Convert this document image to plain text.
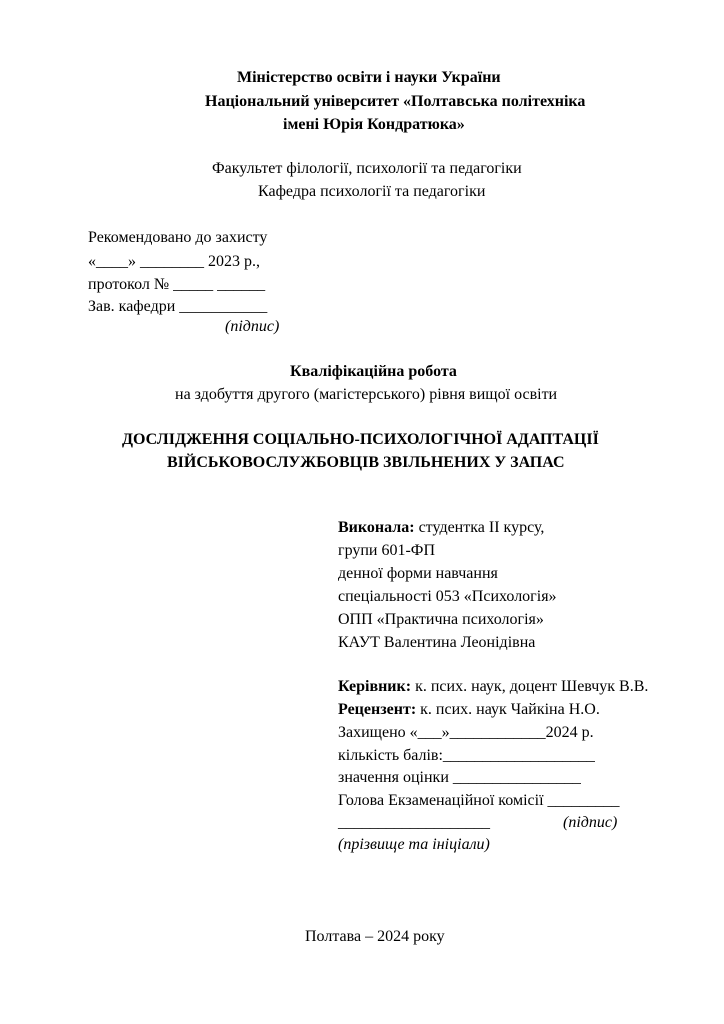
Міністерство освіти і науки України
Національний університет «Полтавська політехніка
імені Юрія Кондратюка»
Факультет філології, психології та педагогіки
Кафедра психології та педагогіки
Рекомендовано до захисту
«____» ________ 2023 р.,
протокол № _____ ______
Зав. кафедри ___________
(підпис)
Кваліфікаційна робота
на здобуття другого (магістерського) рівня вищої освіти
ДОСЛІДЖЕННЯ СОЦІАЛЬНО-ПСИХОЛОГІЧНОЇ АДАПТАЦІЇ
ВІЙСЬКОВОСЛУЖБОВЦІВ ЗВІЛЬНЕНИХ У ЗАПАС
Виконала: студентка ІІ курсу,
групи 601-ФП
денної форми навчання
спеціальності 053 «Психологія»
ОПП «Практична психологія»
КАУТ Валентина Леонідівна
Керівник: к. псих. наук, доцент Шевчук В.В.
Рецензент: к. псих. наук Чайкіна Н.О.
Захищено «___»____________2024 р.
кількість балів:___________________
значення оцінки ________________
Голова Екзаменаційної комісії _________
___________________	(підпис)
(прізвище та ініціали)
Полтава – 2024 року
